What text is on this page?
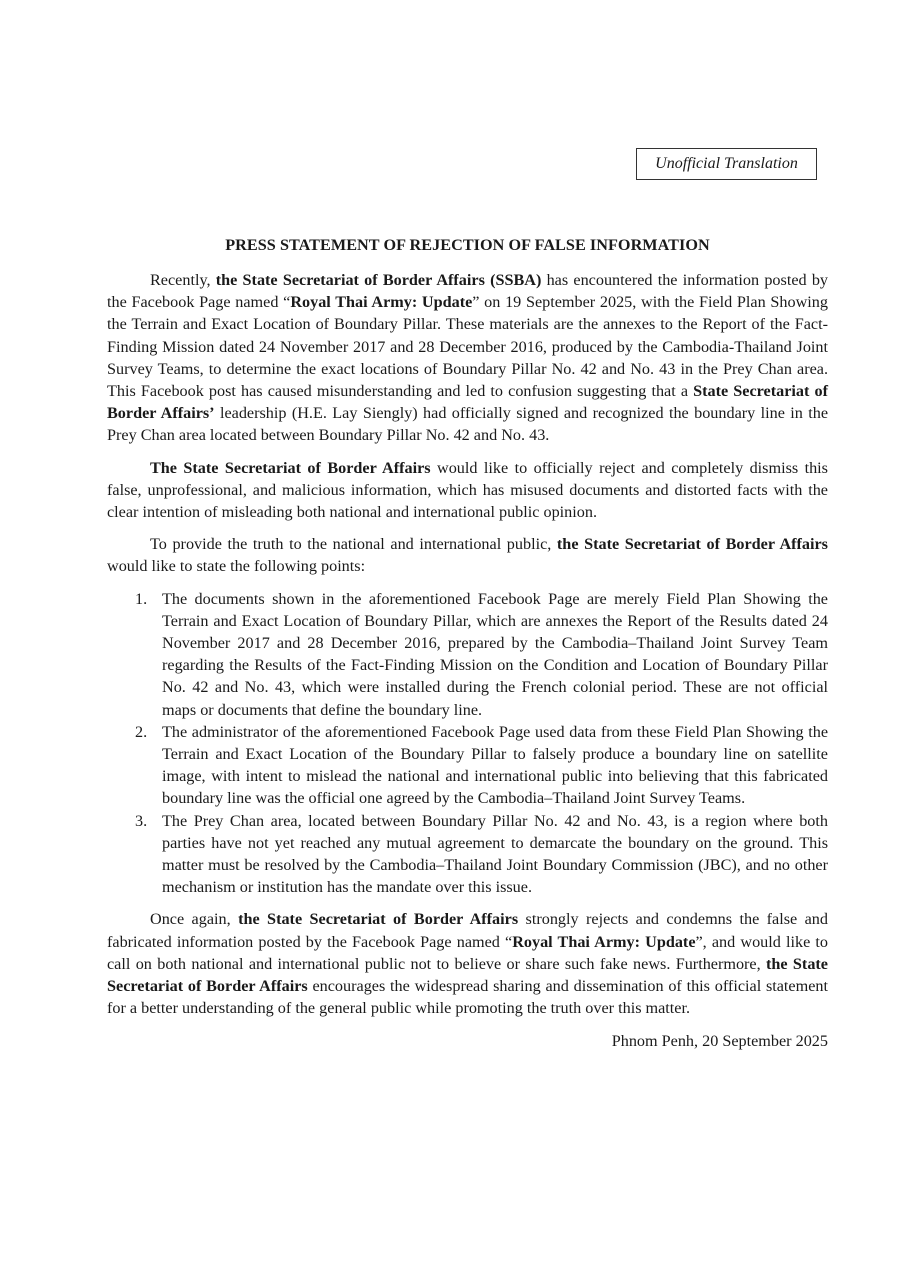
Unofficial Translation
PRESS STATEMENT OF REJECTION OF FALSE INFORMATION

Recently, the State Secretariat of Border Affairs (SSBA) has encountered the information posted by the Facebook Page named “Royal Thai Army: Update” on 19 September 2025, with the Field Plan Showing the Terrain and Exact Location of Boundary Pillar. These materials are the annexes to the Report of the Fact-Finding Mission dated 24 November 2017 and 28 December 2016, produced by the Cambodia-Thailand Joint Survey Teams, to determine the exact locations of Boundary Pillar No. 42 and No. 43 in the Prey Chan area. This Facebook post has caused misunderstanding and led to confusion suggesting that a State Secretariat of Border Affairs’ leadership (H.E. Lay Siengly) had officially signed and recognized the boundary line in the Prey Chan area located between Boundary Pillar No. 42 and No. 43.

The State Secretariat of Border Affairs would like to officially reject and completely dismiss this false, unprofessional, and malicious information, which has misused documents and distorted facts with the clear intention of misleading both national and international public opinion.

To provide the truth to the national and international public, the State Secretariat of Border Affairs would like to state the following points:

1. The documents shown in the aforementioned Facebook Page are merely Field Plan Showing the Terrain and Exact Location of Boundary Pillar, which are annexes the Report of the Results dated 24 November 2017 and 28 December 2016, prepared by the Cambodia–Thailand Joint Survey Team regarding the Results of the Fact-Finding Mission on the Condition and Location of Boundary Pillar No. 42 and No. 43, which were installed during the French colonial period. These are not official maps or documents that define the boundary line.
2. The administrator of the aforementioned Facebook Page used data from these Field Plan Showing the Terrain and Exact Location of the Boundary Pillar to falsely produce a boundary line on satellite image, with intent to mislead the national and international public into believing that this fabricated boundary line was the official one agreed by the Cambodia–Thailand Joint Survey Teams.
3. The Prey Chan area, located between Boundary Pillar No. 42 and No. 43, is a region where both parties have not yet reached any mutual agreement to demarcate the boundary on the ground. This matter must be resolved by the Cambodia–Thailand Joint Boundary Commission (JBC), and no other mechanism or institution has the mandate over this issue.

Once again, the State Secretariat of Border Affairs strongly rejects and condemns the false and fabricated information posted by the Facebook Page named “Royal Thai Army: Update”, and would like to call on both national and international public not to believe or share such fake news. Furthermore, the State Secretariat of Border Affairs encourages the widespread sharing and dissemination of this official statement for a better understanding of the general public while promoting the truth over this matter.

Phnom Penh, 20 September 2025
